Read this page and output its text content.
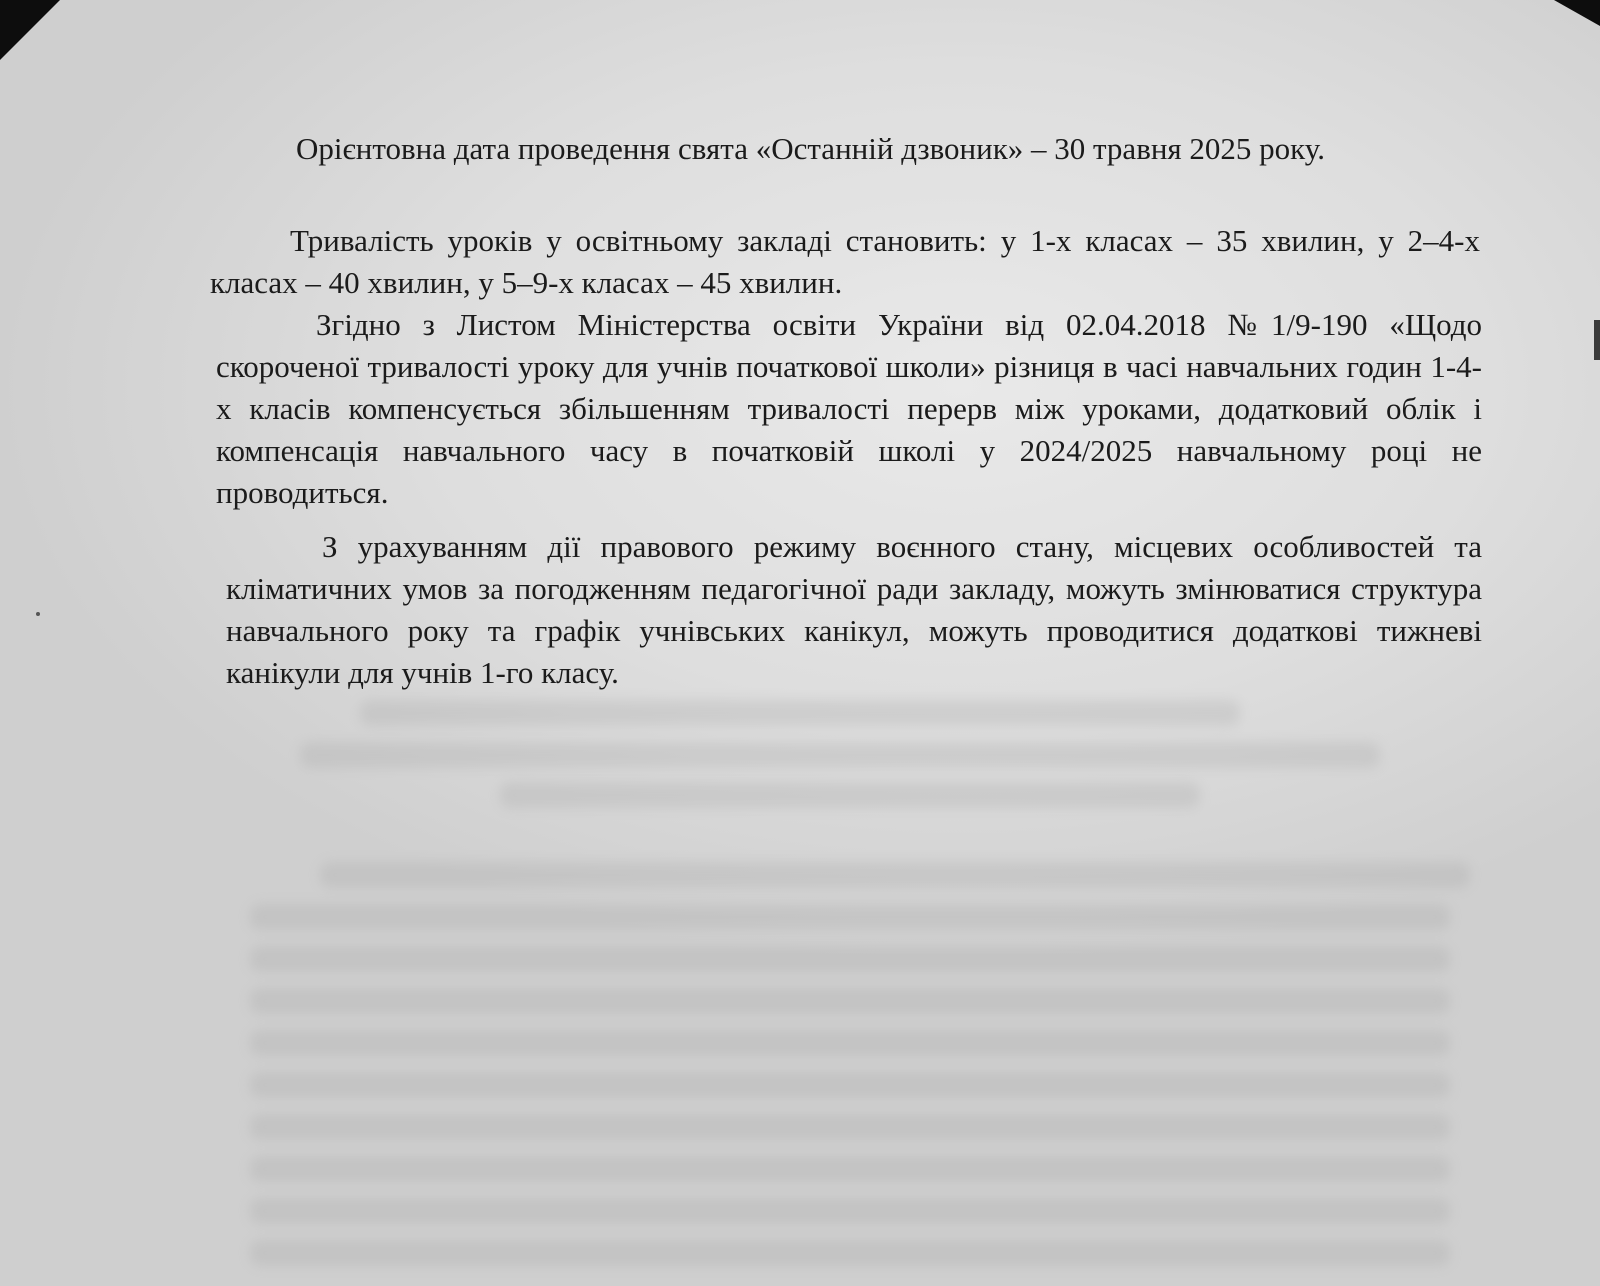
Орієнтовна дата проведення свята «Останній дзвоник» – 30 травня 2025 року.

Тривалість уроків у освітньому закладі становить: у 1-х класах – 35 хвилин, у 2–4-х класах – 40 хвилин, у 5–9-х класах – 45 хвилин.

Згідно з Листом Міністерства освіти України від 02.04.2018 №1/9-190 «Щодо скороченої тривалості уроку для учнів початкової школи» різниця в часі навчальних годин 1-4-х класів компенсується збільшенням тривалості перерв між уроками, додатковий облік і компенсація навчального часу в початковій школі у 2024/2025 навчальному році не проводиться.

З урахуванням дії правового режиму воєнного стану, місцевих особливостей та кліматичних умов за погодженням педагогічної ради закладу, можуть змінюватися структура навчального року та графік учнівських канікул, можуть проводитися додаткові тижневі канікули для учнів 1-го класу.
